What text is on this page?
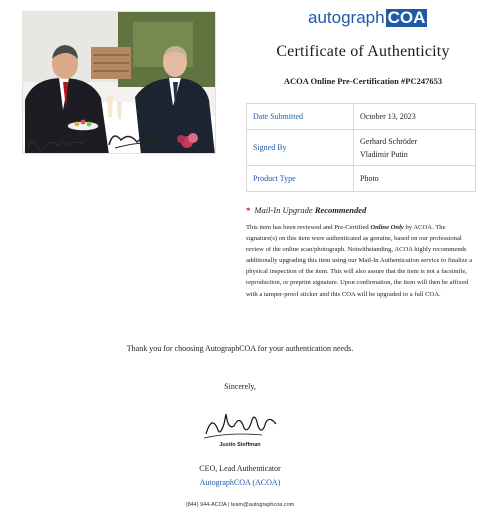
autograph COA
Certificate of Authenticity
ACOA Online Pre-Certification #PC247653
Date Submitted	October 13, 2023

Signed By	Gerhard Schröder
Vladimir Putin

Product Type	Photo
* Mail-In Upgrade Recommended

This item has been reviewed and Pre-Certified Online Only by ACOA. The signature(s) on this item were authenticated as genuine, based on our professional review of the online scan/photograph. Notwithstanding, ACOA highly recommends additionally upgrading this item using our Mail-In Authentication service to finalize a physical inspection of the item. This will also assure that the item is not a facsimile, reproduction, or preprint signature. Upon confirmation, the item will then be affixed with a tamper-proof sticker and this COA will be upgraded to a full COA.

Thank you for choosing AutographCOA for your authentication needs.
Sincerely,
Justin Steffman
CEO, Lead Authenticator
AutographCOA (ACOA)
(844) 944-ACOA | team@autographcoa.com
